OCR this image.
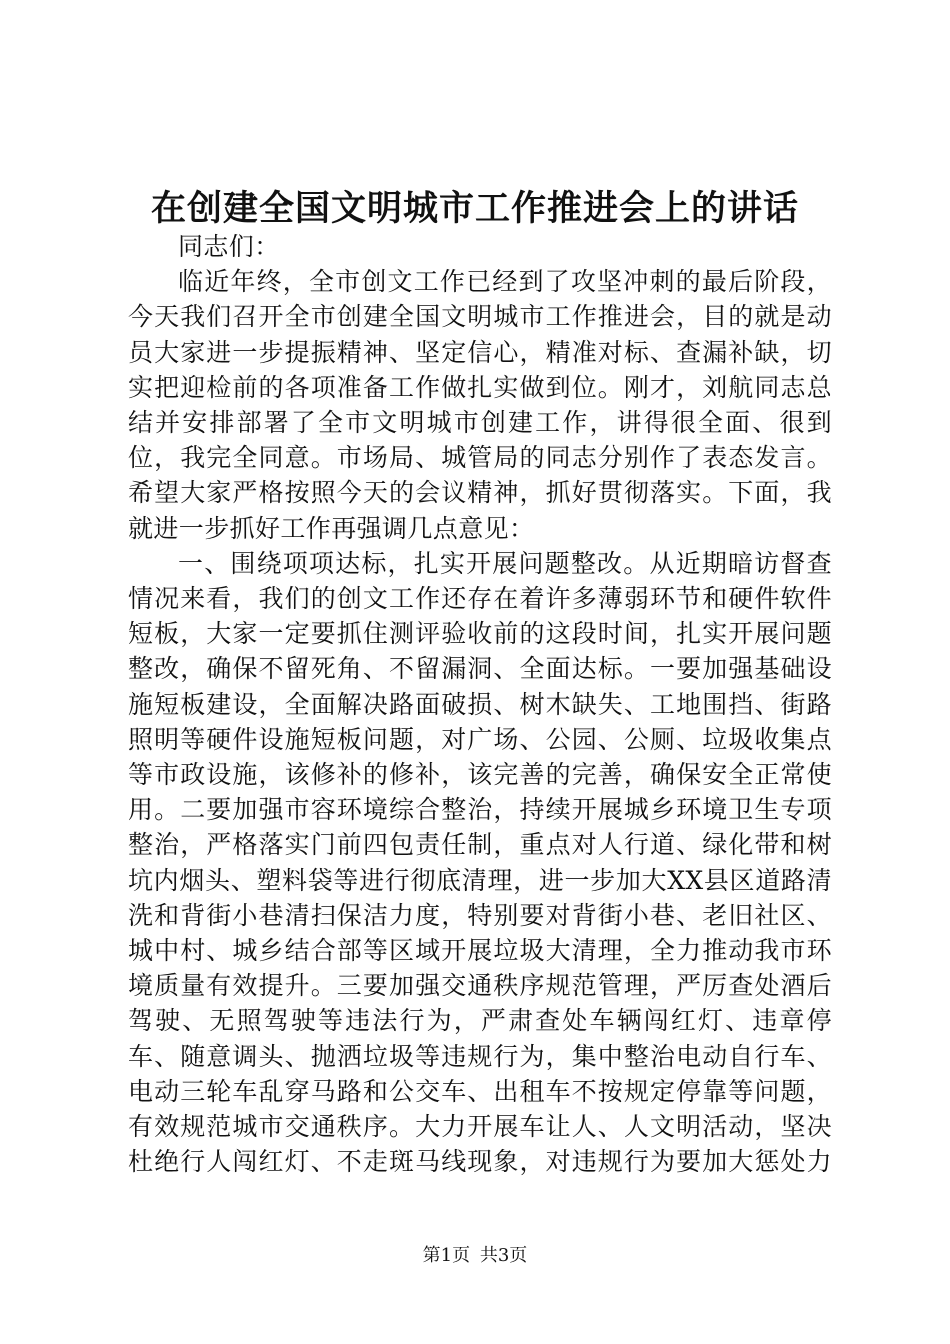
在创建全国文明城市工作推进会上的讲话

同志们：

临近年终，全市创文工作已经到了攻坚冲刺的最后阶段，今天我们召开全市创建全国文明城市工作推进会，目的就是动员大家进一步提振精神、坚定信心，精准对标、查漏补缺，切实把迎检前的各项准备工作做扎实做到位。刚才，刘航同志总结并安排部署了全市文明城市创建工作，讲得很全面、很到位，我完全同意。市场局、城管局的同志分别作了表态发言。希望大家严格按照今天的会议精神，抓好贯彻落实。下面，我就进一步抓好工作再强调几点意见：

一、围绕项项达标，扎实开展问题整改。从近期暗访督查情况来看，我们的创文工作还存在着许多薄弱环节和硬件软件短板，大家一定要抓住测评验收前的这段时间，扎实开展问题整改，确保不留死角、不留漏洞、全面达标。一要加强基础设施短板建设，全面解决路面破损、树木缺失、工地围挡、街路照明等硬件设施短板问题，对广场、公园、公厕、垃圾收集点等市政设施，该修补的修补，该完善的完善，确保安全正常使用。二要加强市容环境综合整治，持续开展城乡环境卫生专项整治，严格落实门前四包责任制，重点对人行道、绿化带和树坑内烟头、塑料袋等进行彻底清理，进一步加大XX县区道路清洗和背街小巷清扫保洁力度，特别要对背街小巷、老旧社区、城中村、城乡结合部等区域开展垃圾大清理，全力推动我市环境质量有效提升。三要加强交通秩序规范管理，严厉查处酒后驾驶、无照驾驶等违法行为，严肃查处车辆闯红灯、违章停车、随意调头、抛洒垃圾等违规行为，集中整治电动自行车、电动三轮车乱穿马路和公交车、出租车不按规定停靠等问题，有效规范城市交通秩序。大力开展车让人、人文明活动，坚决杜绝行人闯红灯、不走斑马线现象，对违规行为要加大惩处力

第1页 共3页
